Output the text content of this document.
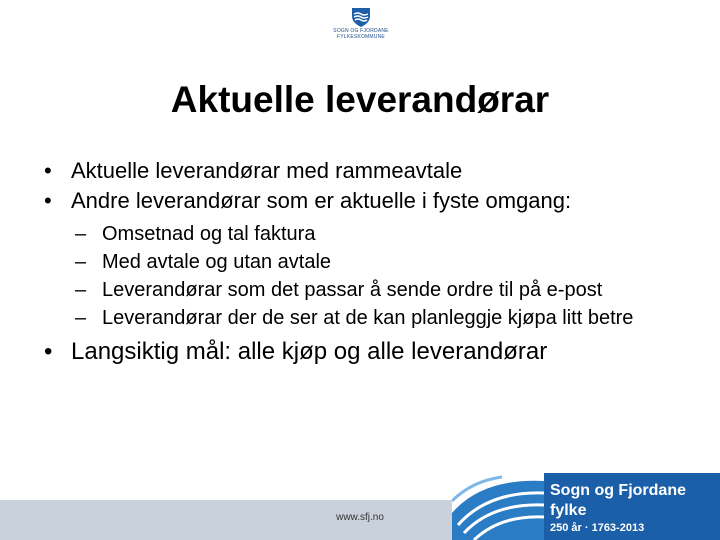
SOGN OG FJORDANE
FYLKESKOMMUNE
Aktuelle leverandørar
• Aktuelle leverandørar med rammeavtale
• Andre leverandørar som er aktuelle i fyste omgang:
– Omsetnad og tal faktura
– Med avtale og utan avtale
– Leverandørar som det passar å sende ordre til på e-post
– Leverandørar der de ser at de kan planleggje kjøpa litt betre
• Langsiktig mål: alle kjøp og alle leverandørar
www.sfj.no
Sogn og Fjordane fylke
250 år · 1763-2013
